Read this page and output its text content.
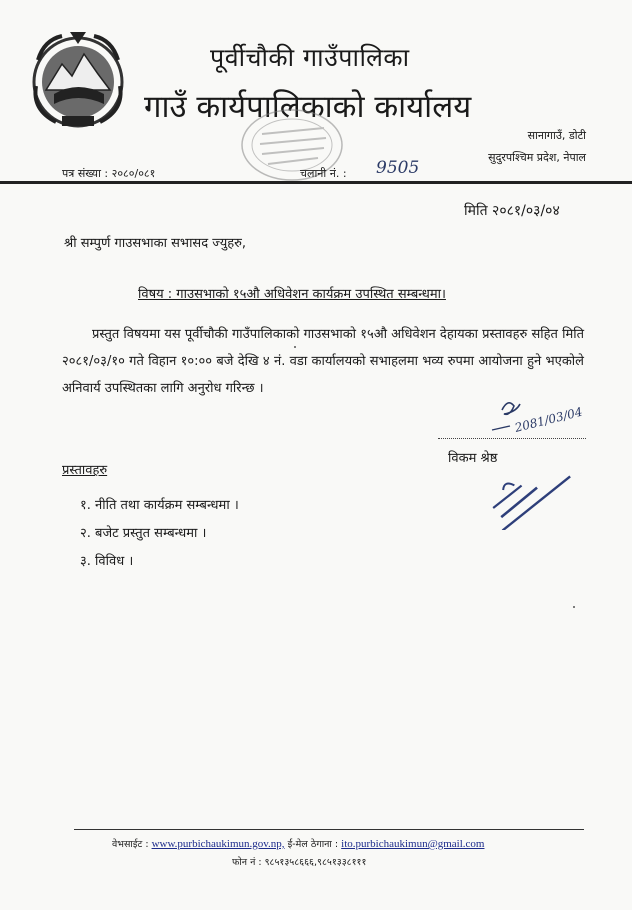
पूर्वीचौकी गाउँपालिका
गाउँ कार्यपालिकाको कार्यालय
सानागाउँ, डोटी
सुदुरपश्चिम प्रदेश, नेपाल
पत्र संख्या : २०८०/०८१	चलानी नं. : 9505
मिति २०८१/०३/०४
श्री सम्पुर्ण गाउसभाका सभासद ज्युहरु,
विषय : गाउसभाको १५औ अधिवेशन कार्यक्रम उपस्थित सम्बन्धमा।
प्रस्तुत विषयमा यस पूर्वीचौकी गाउँपालिकाको गाउसभाको १५औ अधिवेशन देहायका प्रस्तावहरु सहित मिति २०८१/०३/१० गते विहान १०:०० बजे देखि ४ नं. वडा कार्यालयको सभाहलमा भव्य रुपमा आयोजना हुने भएकोले अनिवार्य उपस्थितका लागि अनुरोध गरिन्छ ।
2081/03/04
विकम श्रेष्ठ
प्रस्तावहरु
१. नीति तथा कार्यक्रम सम्बन्धमा ।
२. बजेट प्रस्तुत सम्बन्धमा ।
३. विविध ।
वेभसाईट : www.purbichaukimun.gov.np, ई-मेल ठेगाना : ito.purbichaukimun@gmail.com
फोन नं : ९८५१३५८६६६,९८५१३३८१११
